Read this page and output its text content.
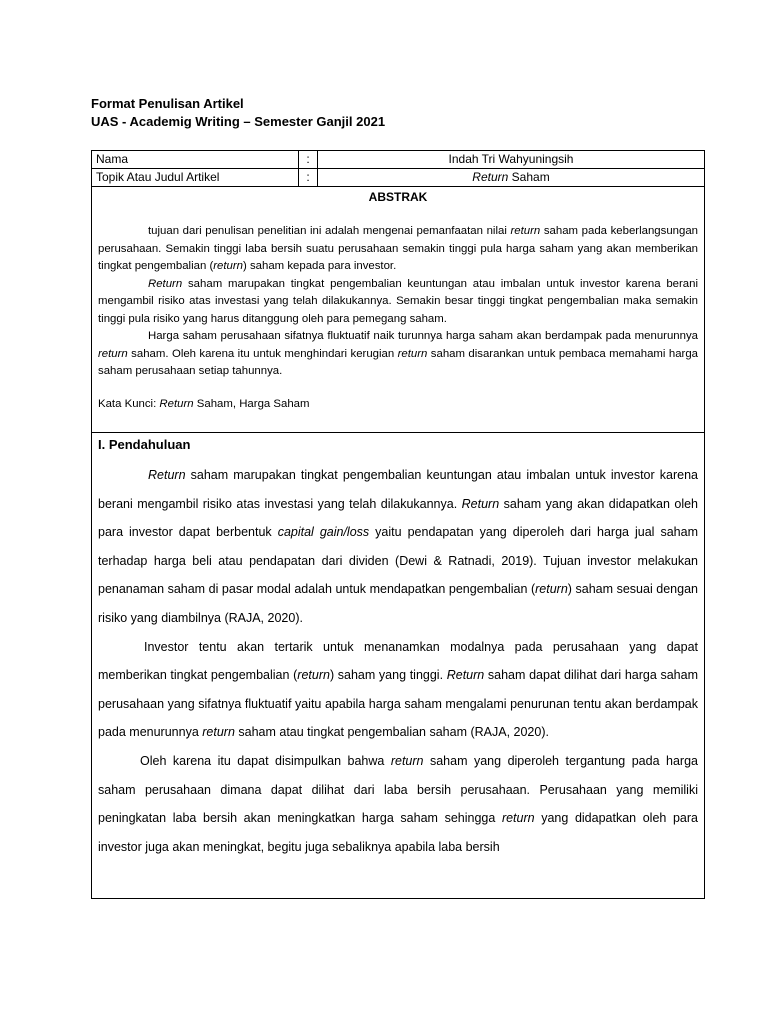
Format Penulisan Artikel
UAS - Academig Writing – Semester Ganjil 2021
Nama	:	Indah Tri Wahyuningsih
Topik Atau Judul Artikel	:	Return Saham
ABSTRAK

tujuan dari penulisan penelitian ini adalah mengenai pemanfaatan nilai return saham pada keberlangsungan perusahaan. Semakin tinggi laba bersih suatu perusahaan semakin tinggi pula harga saham yang akan memberikan tingkat pengembalian (return) saham kepada para investor.

Return saham marupakan tingkat pengembalian keuntungan atau imbalan untuk investor karena berani mengambil risiko atas investasi yang telah dilakukannya. Semakin besar tinggi tingkat pengembalian maka semakin tinggi pula risiko yang harus ditanggung oleh para pemegang saham.

Harga saham perusahaan sifatnya fluktuatif naik turunnya harga saham akan berdampak pada menurunnya return saham. Oleh karena itu untuk menghindari kerugian return saham disarankan untuk pembaca memahami harga saham perusahaan setiap tahunnya.

Kata Kunci: Return Saham, Harga Saham
I. Pendahuluan

Return saham marupakan tingkat pengembalian keuntungan atau imbalan untuk investor karena berani mengambil risiko atas investasi yang telah dilakukannya. Return saham yang akan didapatkan oleh para investor dapat berbentuk capital gain/loss yaitu pendapatan yang diperoleh dari harga jual saham terhadap harga beli atau pendapatan dari dividen (Dewi & Ratnadi, 2019). Tujuan investor melakukan penanaman saham di pasar modal adalah untuk mendapatkan pengembalian (return) saham sesuai dengan risiko yang diambilnya (RAJA, 2020).

Investor tentu akan tertarik untuk menanamkan modalnya pada perusahaan yang dapat memberikan tingkat pengembalian (return) saham yang tinggi. Return saham dapat dilihat dari harga saham perusahaan yang sifatnya fluktuatif yaitu apabila harga saham mengalami penurunan tentu akan berdampak pada menurunnya return saham atau tingkat pengembalian saham (RAJA, 2020).

Oleh karena itu dapat disimpulkan bahwa return saham yang diperoleh tergantung pada harga saham perusahaan dimana dapat dilihat dari laba bersih perusahaan. Perusahaan yang memiliki peningkatan laba bersih akan meningkatkan harga saham sehingga return yang didapatkan oleh para investor juga akan meningkat, begitu juga sebaliknya apabila laba bersih
